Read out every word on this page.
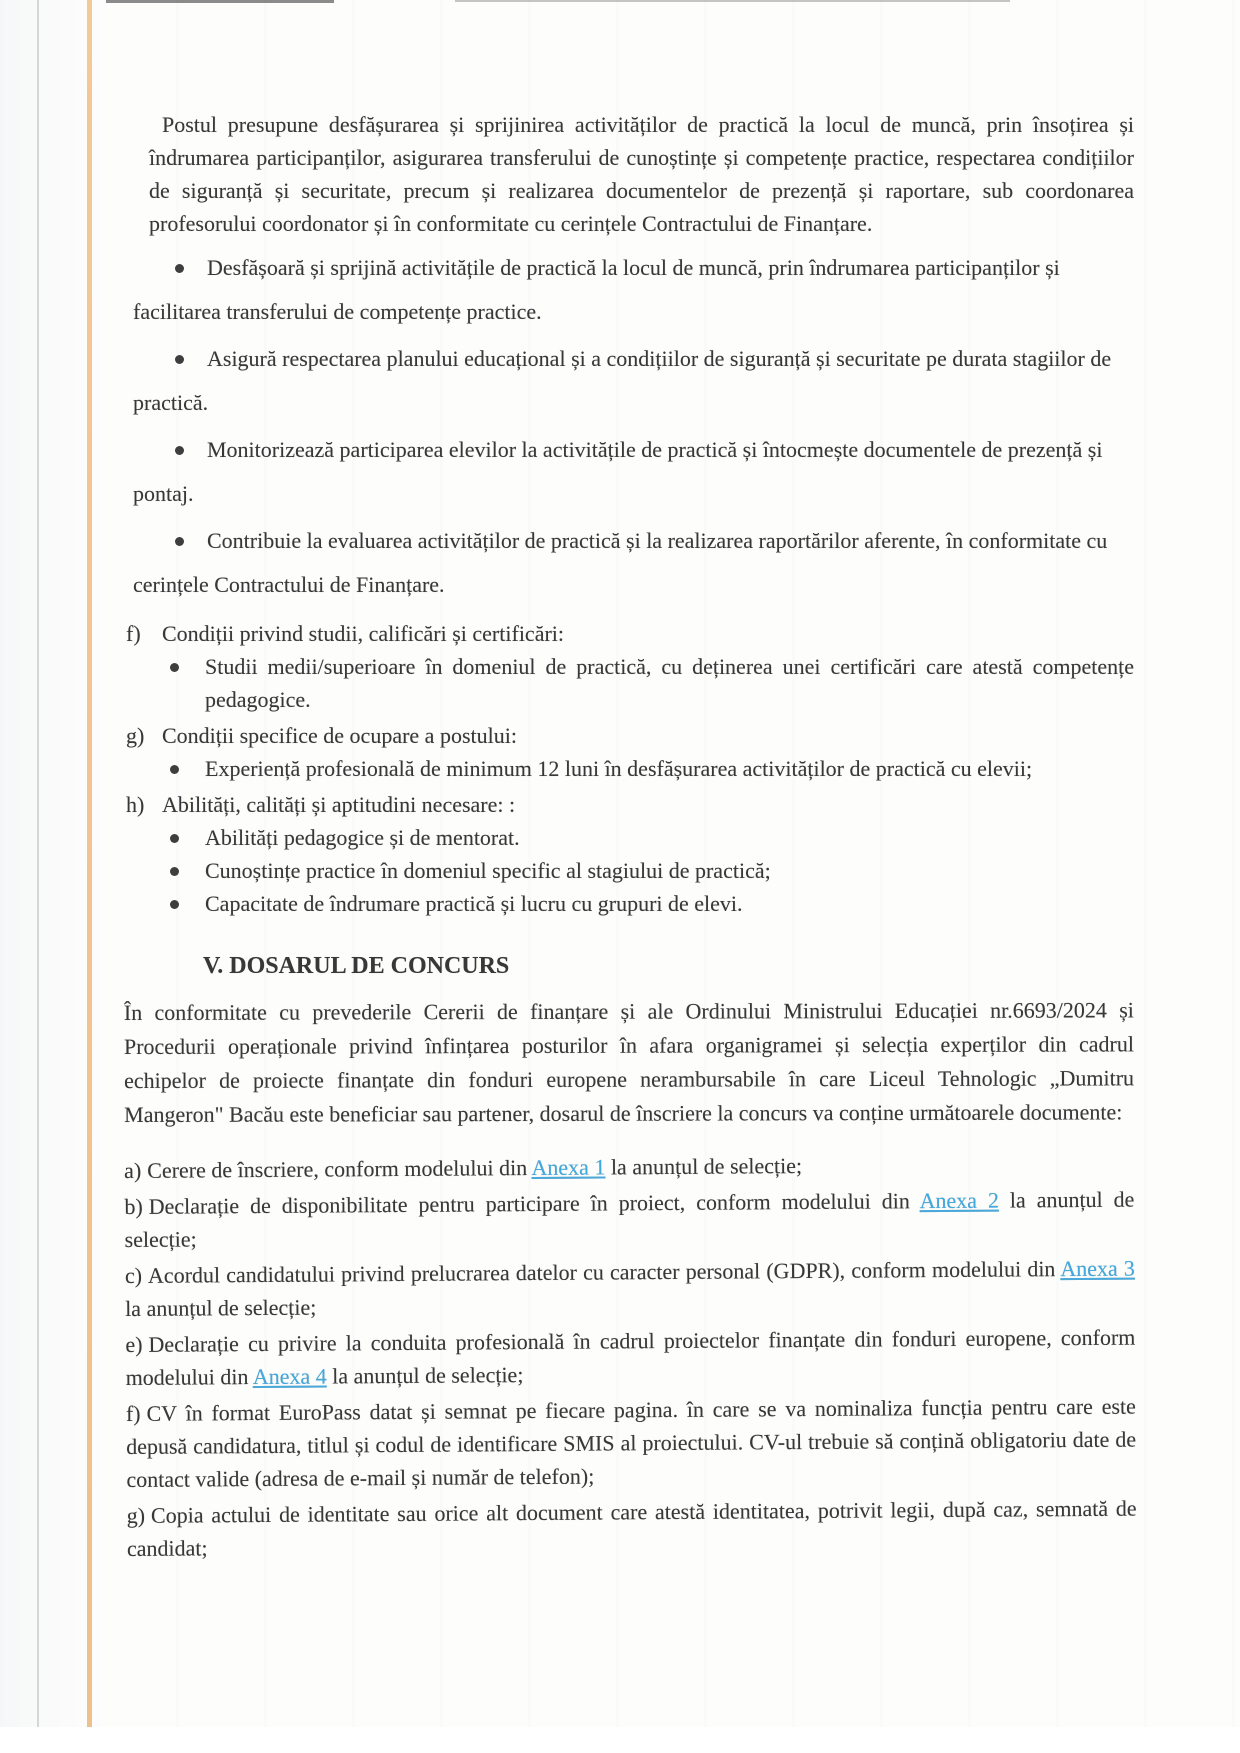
Postul presupune desfășurarea și sprijinirea activităților de practică la locul de muncă, prin însoțirea și îndrumarea participanților, asigurarea transferului de cunoștințe și competențe practice, respectarea condițiilor de siguranță și securitate, precum și realizarea documentelor de prezență și raportare, sub coordonarea profesorului coordonator și în conformitate cu cerințele Contractului de Finanțare.

Desfășoară și sprijină activitățile de practică la locul de muncă, prin îndrumarea participanților și facilitarea transferului de competențe practice.
Asigură respectarea planului educațional și a condițiilor de siguranță și securitate pe durata stagiilor de practică.
Monitorizează participarea elevilor la activitățile de practică și întocmește documentele de prezență și pontaj.
Contribuie la evaluarea activităților de practică și la realizarea raportărilor aferente, în conformitate cu cerințele Contractului de Finanțare.

f) Condiții privind studii, calificări și certificări:

Studii medii/superioare în domeniul de practică, cu deținerea unei certificări care atestă competențe pedagogice.

g) Condiții specifice de ocupare a postului:

Experiență profesională de minimum 12 luni în desfășurarea activităților de practică cu elevii;

h) Abilități, calități și aptitudini necesare: :

Abilități pedagogice și de mentorat.
Cunoștințe practice în domeniul specific al stagiului de practică;
Capacitate de îndrumare practică și lucru cu grupuri de elevi.
V. DOSARUL DE CONCURS

În conformitate cu prevederile Cererii de finanțare și ale Ordinului Ministrului Educației nr.6693/2024 și Procedurii operaționale privind înfințarea posturilor în afara organigramei și selecția experților din cadrul echipelor de proiecte finanțate din fonduri europene nerambursabile în care Liceul Tehnologic „Dumitru Mangeron" Bacău este beneficiar sau partener, dosarul de înscriere la concurs va conține următoarele documente:

a) Cerere de înscriere, conform modelului din Anexa 1 la anunțul de selecție;

b) Declarație de disponibilitate pentru participare în proiect, conform modelului din Anexa 2 la anunțul de selecție;

c) Acordul candidatului privind prelucrarea datelor cu caracter personal (GDPR), conform modelului din Anexa 3 la anunțul de selecție;

e) Declarație cu privire la conduita profesională în cadrul proiectelor finanțate din fonduri europene, conform modelului din Anexa 4 la anunțul de selecție;

f) CV în format EuroPass datat și semnat pe fiecare pagina. în care se va nominaliza funcția pentru care este depusă candidatura, titlul și codul de identificare SMIS al proiectului. CV-ul trebuie să conțină obligatoriu date de contact valide (adresa de e-mail și număr de telefon);

g) Copia actului de identitate sau orice alt document care atestă identitatea, potrivit legii, după caz, semnată de candidat;
